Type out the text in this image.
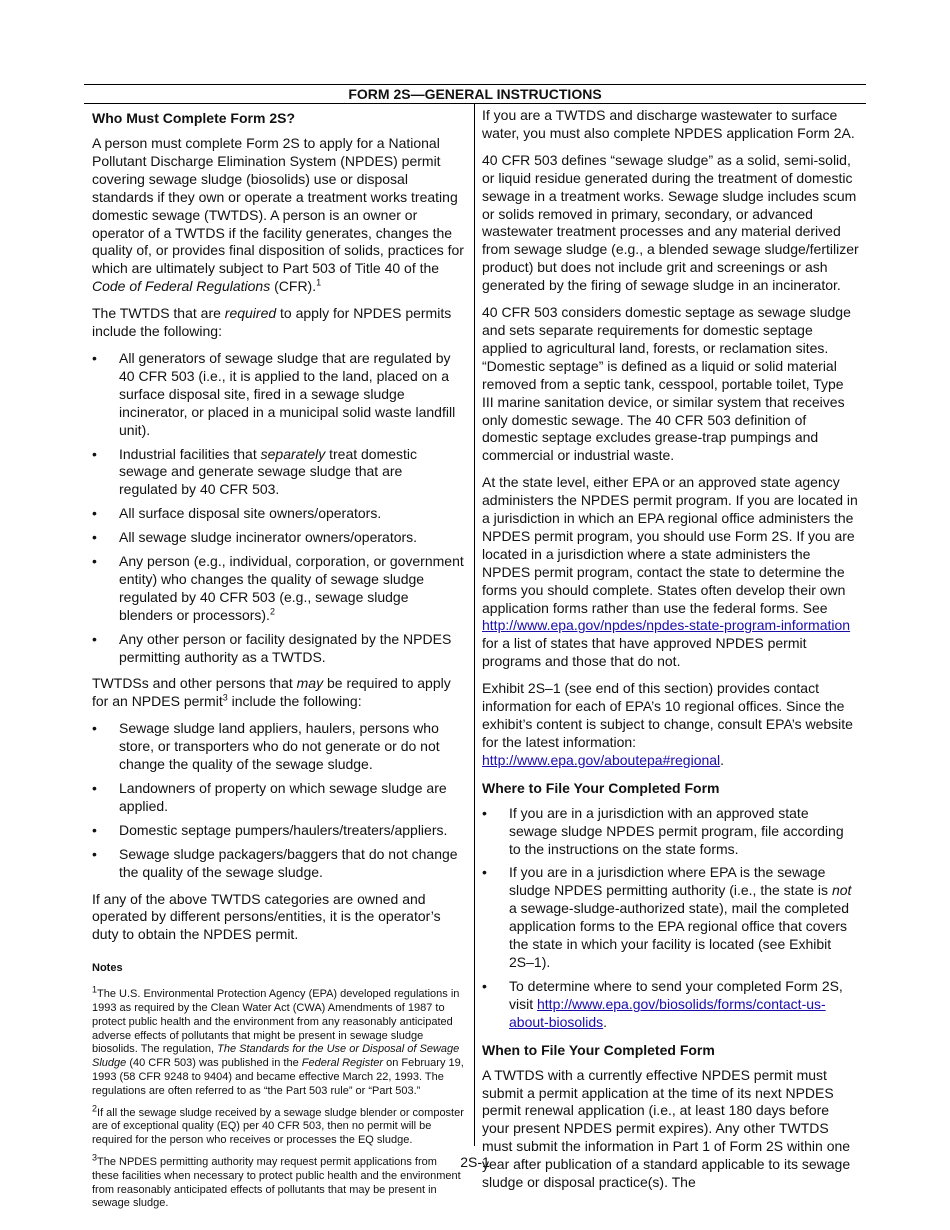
FORM 2S—GENERAL INSTRUCTIONS
Who Must Complete Form 2S?

A person must complete Form 2S to apply for a National Pollutant Discharge Elimination System (NPDES) permit covering sewage sludge (biosolids) use or disposal standards if they own or operate a treatment works treating domestic sewage (TWTDS). A person is an owner or operator of a TWTDS if the facility generates, changes the quality of, or provides final disposition of solids, practices for which are ultimately subject to Part 503 of Title 40 of the Code of Federal Regulations (CFR).$^1$

The TWTDS that are required to apply for NPDES permits include the following:

• All generators of sewage sludge that are regulated by 40 CFR 503 (i.e., it is applied to the land, placed on a surface disposal site, fired in a sewage sludge incinerator, or placed in a municipal solid waste landfill unit).
• Industrial facilities that separately treat domestic sewage and generate sewage sludge that are regulated by 40 CFR 503.
• All surface disposal site owners/operators.
• All sewage sludge incinerator owners/operators.
• Any person (e.g., individual, corporation, or government entity) who changes the quality of sewage sludge regulated by 40 CFR 503 (e.g., sewage sludge blenders or processors).$^2$
• Any other person or facility designated by the NPDES permitting authority as a TWTDS.

TWTDSs and other persons that may be required to apply for an NPDES permit$^3$ include the following:

• Sewage sludge land appliers, haulers, persons who store, or transporters who do not generate or do not change the quality of the sewage sludge.
• Landowners of property on which sewage sludge are applied.
• Domestic septage pumpers/haulers/treaters/appliers.
• Sewage sludge packagers/baggers that do not change the quality of the sewage sludge.

If any of the above TWTDS categories are owned and operated by different persons/entities, it is the operator’s duty to obtain the NPDES permit.

Notes
$^1$The U.S. Environmental Protection Agency (EPA) developed regulations in 1993 as required by the Clean Water Act (CWA) Amendments of 1987 to protect public health and the environment from any reasonably anticipated adverse effects of pollutants that might be present in sewage sludge biosolids. The regulation, The Standards for the Use or Disposal of Sewage Sludge (40 CFR 503) was published in the Federal Register on February 19, 1993 (58 CFR 9248 to 9404) and became effective March 22, 1993. The regulations are often referred to as “the Part 503 rule” or “Part 503.”
$^2$If all the sewage sludge received by a sewage sludge blender or composter are of exceptional quality (EQ) per 40 CFR 503, then no permit will be required for the person who receives or processes the EQ sludge.
$^3$The NPDES permitting authority may request permit applications from these facilities when necessary to protect public health and the environment from reasonably anticipated effects of pollutants that may be present in sewage sludge.

If you are a TWTDS and discharge wastewater to surface water, you must also complete NPDES application Form 2A.

40 CFR 503 defines “sewage sludge” as a solid, semi-solid, or liquid residue generated during the treatment of domestic sewage in a treatment works. Sewage sludge includes scum or solids removed in primary, secondary, or advanced wastewater treatment processes and any material derived from sewage sludge (e.g., a blended sewage sludge/fertilizer product) but does not include grit and screenings or ash generated by the firing of sewage sludge in an incinerator.

40 CFR 503 considers domestic septage as sewage sludge and sets separate requirements for domestic septage applied to agricultural land, forests, or reclamation sites. “Domestic septage” is defined as a liquid or solid material removed from a septic tank, cesspool, portable toilet, Type III marine sanitation device, or similar system that receives only domestic sewage. The 40 CFR 503 definition of domestic septage excludes grease-trap pumpings and commercial or industrial waste.

At the state level, either EPA or an approved state agency administers the NPDES permit program. If you are located in a jurisdiction in which an EPA regional office administers the NPDES permit program, you should use Form 2S. If you are located in a jurisdiction where a state administers the NPDES permit program, contact the state to determine the forms you should complete. States often develop their own application forms rather than use the federal forms. See http://www.epa.gov/npdes/npdes-state-program-information for a list of states that have approved NPDES permit programs and those that do not.

Exhibit 2S–1 (see end of this section) provides contact information for each of EPA’s 10 regional offices. Since the exhibit’s content is subject to change, consult EPA’s website for the latest information: http://www.epa.gov/aboutepa#regional.

Where to File Your Completed Form
• If you are in a jurisdiction with an approved state sewage sludge NPDES permit program, file according to the instructions on the state forms.
• If you are in a jurisdiction where EPA is the sewage sludge NPDES permitting authority (i.e., the state is not a sewage-sludge-authorized state), mail the completed application forms to the EPA regional office that covers the state in which your facility is located (see Exhibit 2S–1).
• To determine where to send your completed Form 2S, visit http://www.epa.gov/biosolids/forms/contact-us-about-biosolids.
When to File Your Completed Form

A TWTDS with a currently effective NPDES permit must submit a permit application at the time of its next NPDES permit renewal application (i.e., at least 180 days before your present NPDES permit expires). Any other TWTDS must submit the information in Part 1 of Form 2S within one year after publication of a standard applicable to its sewage sludge or disposal practice(s). The

2S-1
